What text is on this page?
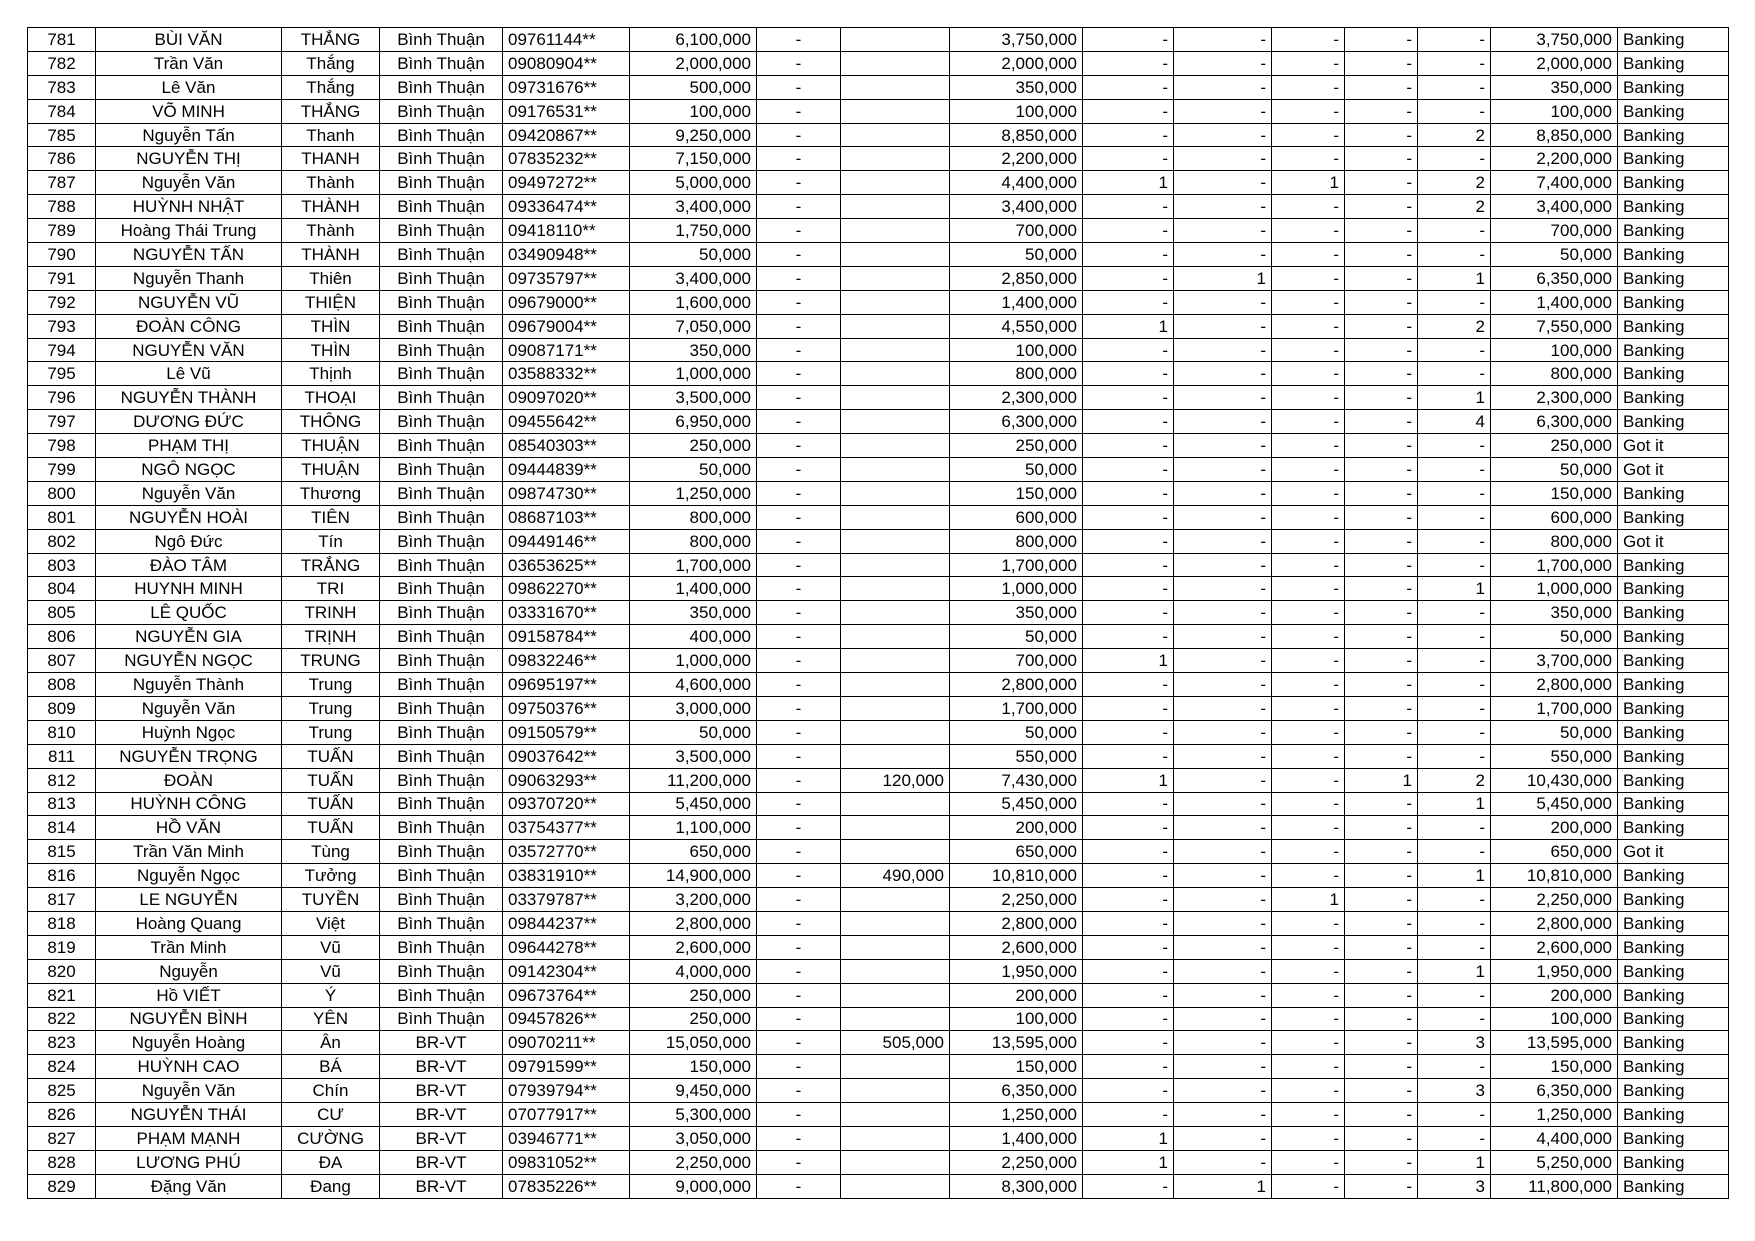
781	BÙI VĂN	THẮNG	Bình Thuận	09761144**	6,100,000	-		3,750,000	-	-	-	-	-	3,750,000	Banking
782	Trần Văn	Thắng	Bình Thuận	09080904**	2,000,000	-		2,000,000	-	-	-	-	-	2,000,000	Banking
783	Lê Văn	Thắng	Bình Thuận	09731676**	500,000	-		350,000	-	-	-	-	-	350,000	Banking
784	VÕ MINH	THẮNG	Bình Thuận	09176531**	100,000	-		100,000	-	-	-	-	-	100,000	Banking
785	Nguyễn Tấn	Thanh	Bình Thuận	09420867**	9,250,000	-		8,850,000	-	-	-	-	2	8,850,000	Banking
786	NGUYỄN THỊ	THANH	Bình Thuận	07835232**	7,150,000	-		2,200,000	-	-	-	-	-	2,200,000	Banking
787	Nguyễn Văn	Thành	Bình Thuận	09497272**	5,000,000	-		4,400,000	1	-	1	-	2	7,400,000	Banking
788	HUỲNH NHẬT	THÀNH	Bình Thuận	09336474**	3,400,000	-		3,400,000	-	-	-	-	2	3,400,000	Banking
789	Hoàng Thái Trung	Thành	Bình Thuận	09418110**	1,750,000	-		700,000	-	-	-	-	-	700,000	Banking
790	NGUYỄN TẤN	THÀNH	Bình Thuận	03490948**	50,000	-		50,000	-	-	-	-	-	50,000	Banking
791	Nguyễn Thanh	Thiên	Bình Thuận	09735797**	3,400,000	-		2,850,000	-	1	-	-	1	6,350,000	Banking
792	NGUYỄN VŨ	THIỆN	Bình Thuận	09679000**	1,600,000	-		1,400,000	-	-	-	-	-	1,400,000	Banking
793	ĐOÀN CÔNG	THÌN	Bình Thuận	09679004**	7,050,000	-		4,550,000	1	-	-	-	2	7,550,000	Banking
794	NGUYỄN VĂN	THÌN	Bình Thuận	09087171**	350,000	-		100,000	-	-	-	-	-	100,000	Banking
795	Lê Vũ	Thịnh	Bình Thuận	03588332**	1,000,000	-		800,000	-	-	-	-	-	800,000	Banking
796	NGUYỄN THÀNH	THOẠI	Bình Thuận	09097020**	3,500,000	-		2,300,000	-	-	-	-	1	2,300,000	Banking
797	DƯƠNG ĐỨC	THÔNG	Bình Thuận	09455642**	6,950,000	-		6,300,000	-	-	-	-	4	6,300,000	Banking
798	PHẠM THỊ	THUẬN	Bình Thuận	08540303**	250,000	-		250,000	-	-	-	-	-	250,000	Got it
799	NGÔ NGỌC	THUẬN	Bình Thuận	09444839**	50,000	-		50,000	-	-	-	-	-	50,000	Got it
800	Nguyễn Văn	Thương	Bình Thuận	09874730**	1,250,000	-		150,000	-	-	-	-	-	150,000	Banking
801	NGUYỄN HOÀI	TIÊN	Bình Thuận	08687103**	800,000	-		600,000	-	-	-	-	-	600,000	Banking
802	Ngô Đức	Tín	Bình Thuận	09449146**	800,000	-		800,000	-	-	-	-	-	800,000	Got it
803	ĐÀO TÂM	TRẮNG	Bình Thuận	03653625**	1,700,000	-		1,700,000	-	-	-	-	-	1,700,000	Banking
804	HUYNH MINH	TRI	Bình Thuận	09862270**	1,400,000	-		1,000,000	-	-	-	-	1	1,000,000	Banking
805	LÊ QUỐC	TRINH	Bình Thuận	03331670**	350,000	-		350,000	-	-	-	-	-	350,000	Banking
806	NGUYỄN GIA	TRỊNH	Bình Thuận	09158784**	400,000	-		50,000	-	-	-	-	-	50,000	Banking
807	NGUYỄN NGỌC	TRUNG	Bình Thuận	09832246**	1,000,000	-		700,000	1	-	-	-	-	3,700,000	Banking
808	Nguyễn Thành	Trung	Bình Thuận	09695197**	4,600,000	-		2,800,000	-	-	-	-	-	2,800,000	Banking
809	Nguyễn Văn	Trung	Bình Thuận	09750376**	3,000,000	-		1,700,000	-	-	-	-	-	1,700,000	Banking
810	Huỳnh Ngọc	Trung	Bình Thuận	09150579**	50,000	-		50,000	-	-	-	-	-	50,000	Banking
811	NGUYỄN TRỌNG	TUẤN	Bình Thuận	09037642**	3,500,000	-		550,000	-	-	-	-	-	550,000	Banking
812	ĐOÀN	TUẤN	Bình Thuận	09063293**	11,200,000	-	120,000	7,430,000	1	-	-	1	2	10,430,000	Banking
813	HUỲNH CÔNG	TUẤN	Bình Thuận	09370720**	5,450,000	-		5,450,000	-	-	-	-	1	5,450,000	Banking
814	HỒ VĂN	TUẤN	Bình Thuận	03754377**	1,100,000	-		200,000	-	-	-	-	-	200,000	Banking
815	Trần Văn Minh	Tùng	Bình Thuận	03572770**	650,000	-		650,000	-	-	-	-	-	650,000	Got it
816	Nguyễn Ngọc	Tưởng	Bình Thuận	03831910**	14,900,000	-	490,000	10,810,000	-	-	-	-	1	10,810,000	Banking
817	LE NGUYỄN	TUYỀN	Bình Thuận	03379787**	3,200,000	-		2,250,000	-	-	1	-	-	2,250,000	Banking
818	Hoàng Quang	Việt	Bình Thuận	09844237**	2,800,000	-		2,800,000	-	-	-	-	-	2,800,000	Banking
819	Trần Minh	Vũ	Bình Thuận	09644278**	2,600,000	-		2,600,000	-	-	-	-	-	2,600,000	Banking
820	Nguyễn	Vũ	Bình Thuận	09142304**	4,000,000	-		1,950,000	-	-	-	-	1	1,950,000	Banking
821	Hồ VIẾT	Ý	Bình Thuận	09673764**	250,000	-		200,000	-	-	-	-	-	200,000	Banking
822	NGUYỄN BÌNH	YÊN	Bình Thuận	09457826**	250,000	-		100,000	-	-	-	-	-	100,000	Banking
823	Nguyễn Hoàng	Ân	BR-VT	09070211**	15,050,000	-	505,000	13,595,000	-	-	-	-	3	13,595,000	Banking
824	HUỲNH CAO	BÁ	BR-VT	09791599**	150,000	-		150,000	-	-	-	-	-	150,000	Banking
825	Nguyễn Văn	Chín	BR-VT	07939794**	9,450,000	-		6,350,000	-	-	-	-	3	6,350,000	Banking
826	NGUYỄN THÁI	CƯ	BR-VT	07077917**	5,300,000	-		1,250,000	-	-	-	-	-	1,250,000	Banking
827	PHẠM MẠNH	CƯỜNG	BR-VT	03946771**	3,050,000	-		1,400,000	1	-	-	-	-	4,400,000	Banking
828	LƯƠNG PHÚ	ĐA	BR-VT	09831052**	2,250,000	-		2,250,000	1	-	-	-	1	5,250,000	Banking
829	Đặng Văn	Đang	BR-VT	07835226**	9,000,000	-		8,300,000	-	1	-	-	3	11,800,000	Banking
